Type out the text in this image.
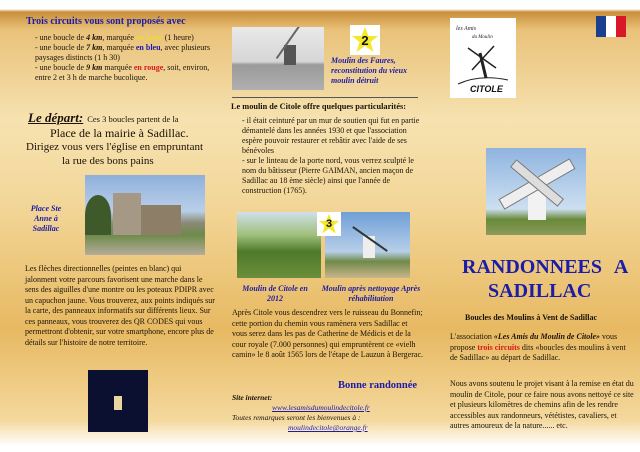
Trois circuits vous sont proposés avec
- une boucle de 4 km, marquée en jaune (1 heure)
- une boucle de 7 km, marquée en bleu, avec plusieurs paysages distincts (1 h 30)
- une boucle de 9 km marquée en rouge, soit, environ, entre 2 et 3 h de marche bucolique.
Le départ: Ces 3 boucles partent de la
Place de la mairie à Sadillac.
Dirigez vous vers l'église en empruntant
la rue des bons pains
Place Ste Anne à Sadillac
Les flèches directionnelles (peintes en blanc) qui jalonment votre parcours favorisent une marche dans le sens des aiguilles d'une montre ou les poteaux PDIPR avec un capuchon jaune. Vous trouverez, aux points indiqués sur la carte, des panneaux informatifs sur différents lieux. Sur ces panneaux, vous trouverez des QR CODES qui vous permettront d'obtenir, sur votre smartphone, encore plus de détails sur l'histoire de notre territoire.
2
Moulin des Faures, reconstitution du vieux moulin détruit
Le moulin de Citole offre quelques particularités:
- il était ceinturé par un mur de soutien qui fut en partie démantelé dans les années 1930 et que l'association espère pouvoir restaurer et rebâtir avec l'aide de ses bénévoles
- sur le linteau de la porte nord, vous verrez sculpté le nom du bâtisseur (Pierre GAIMAN, ancien maçon de Sadillac au 18 ème siècle) ainsi que l'année de construction (1765).
3
Moulin de Citole en 2012
Moulin après nettoyage Après réhabilitation
Après Citole vous descendrez vers le ruisseau du Bonnefin; cette portion du chemin vous ramènera vers Sadillac et vous serez dans les pas de Catherine de Médicis et de la cour royale (7.000 personnes) qui empruntèrent ce «vielh camin» le 8 août 1565 lors de l'étape de Lauzun à Bergerac.
Bonne randonnée
Site internet:
www.lesamisdumoulindecitole.fr
Toutes remarques seront les bienvenues à :
moulindecitole@orange.fr
les Amis
du Moulin
CITOLE
RANDONNEES A
SADILLAC
Boucles des Moulins à Vent de Sadillac
L'association «Les Amis du Moulin de Citole» vous propose trois circuits dits «boucles des moulins à vent de Sadillac» au départ de Sadillac.
Nous avons soutenu le projet visant à la remise en état du moulin de Citole, pour ce faire nous avons nettoyé ce site et plusieurs kilomètres de chemins afin de les rendre accessibles aux randonneurs, vététistes, cavaliers, et autres amoureux de la nature...... etc.
